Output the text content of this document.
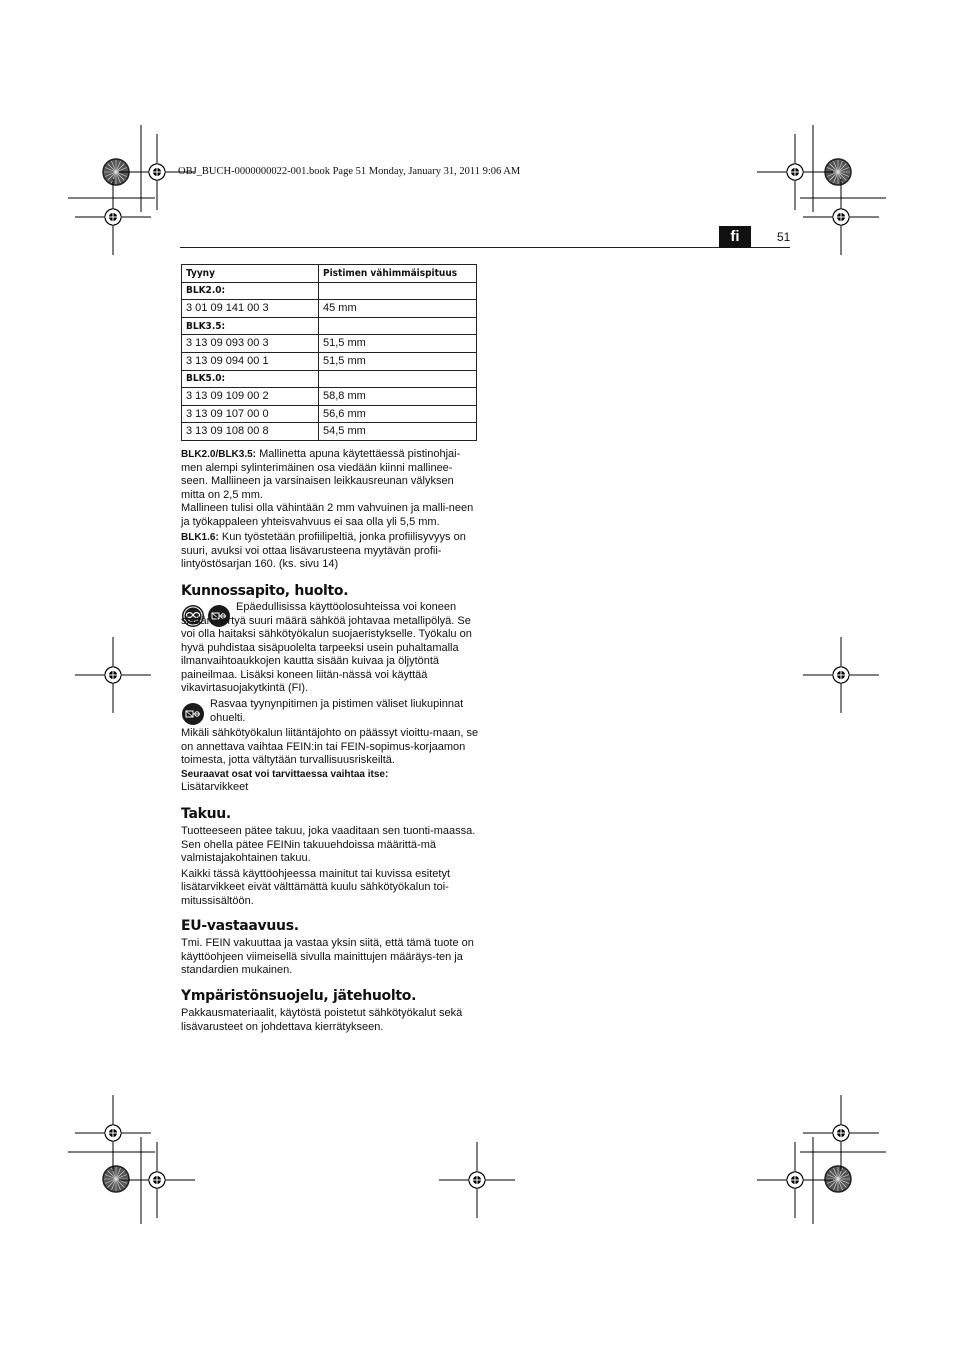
OBJ_BUCH-0000000022-001.book Page 51 Monday, January 31, 2011 9:06 AM
fi	51
Tyyny	Pistimen vähimmäispituus
BLK2.0:	
3 01 09 141 00 3	45 mm
BLK3.5:	
3 13 09 093 00 3	51,5 mm
3 13 09 094 00 1	51,5 mm
BLK5.0:	
3 13 09 109 00 2	58,8 mm
3 13 09 107 00 0	56,6 mm
3 13 09 108 00 8	54,5 mm

BLK2.0/BLK3.5: Mallinetta apuna käytettäessä pistinohjai-men alempi sylinterimäinen osa viedään kiinni mallinee-seen. Malliineen ja varsinaisen leikkausreunan välyksen mitta on 2,5 mm.

Mallineen tulisi olla vähintään 2 mm vahvuinen ja malli-neen ja työkappaleen yhteisvahvuus ei saa olla yli 5,5 mm.

BLK1.6: Kun työstetään profiilipeltiä, jonka profiilisyvyys on suuri, avuksi voi ottaa lisävarusteena myytävän profii-lintyöstösarjan 160. (ks. sivu 14)

Kunnossapito, huolto.

Epäedullisissa käyttöolosuhteissa voi koneen sisään kertyä suuri määrä sähköä johtavaa metallipölyä. Se voi olla haitaksi sähkötyökalun suojaeristykselle. Työkalu on hyvä puhdistaa sisäpuolelta tarpeeksi usein puhaltamalla ilmanvaihtoaukkojen kautta sisään kuivaa ja öljytöntä paineilmaa. Lisäksi koneen liitän-nässä voi käyttää vikavirtasuojakytkintä (FI).

Rasvaa tyynynpitimen ja pistimen väliset liukupinnat ohuelti.

Mikäli sähkötyökalun liitäntäjohto on päässyt vioittu-maan, se on annettava vaihtaa FEIN:in tai FEIN-sopimus-korjaamon toimesta, jotta vältytään turvallisuusriskeiltä.

Seuraavat osat voi tarvittaessa vaihtaa itse:

Lisätarvikkeet

Takuu.

Tuotteeseen pätee takuu, joka vaaditaan sen tuonti-maassa. Sen ohella pätee FEINin takuuehdoissa määrittä-mä valmistajakohtainen takuu.

Kaikki tässä käyttöohjeessa mainitut tai kuvissa esitetyt lisätarvikkeet eivät välttämättä kuulu sähkötyökalun toi-mitussisältöön.

EU-vastaavuus.

Tmi. FEIN vakuuttaa ja vastaa yksin siitä, että tämä tuote on käyttöohjeen viimeisellä sivulla mainittujen määräys-ten ja standardien mukainen.

Ympäristönsuojelu, jätehuolto.

Pakkausmateriaalit, käytöstä poistetut sähkötyökalut sekä lisävarusteet on johdettava kierrätykseen.
